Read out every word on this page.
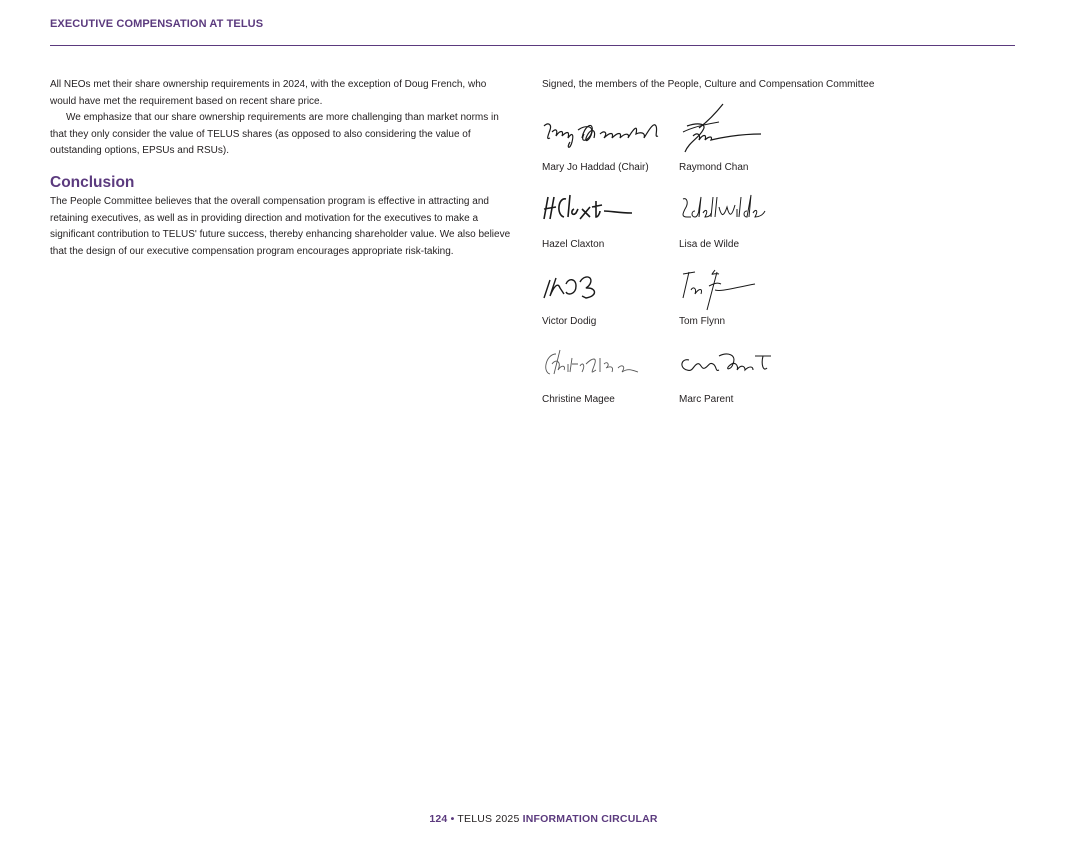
EXECUTIVE COMPENSATION AT TELUS

All NEOs met their share ownership requirements in 2024, with the exception of Doug French, who would have met the requirement based on recent share price.

We emphasize that our share ownership requirements are more challenging than market norms in that they only consider the value of TELUS shares (as opposed to also considering the value of outstanding options, EPSUs and RSUs).

Conclusion

The People Committee believes that the overall compensation program is effective in attracting and retaining executives, as well as in providing direction and motivation for the executives to make a significant contribution to TELUS' future success, thereby enhancing shareholder value. We also believe that the design of our executive compensation program encourages appropriate risk-taking.

Signed, the members of the People, Culture and Compensation Committee
Mary Jo Haddad (Chair)	Raymond Chan
Hazel Claxton	Lisa de Wilde
Victor Dodig	Tom Flynn
Christine Magee	Marc Parent
124 • TELUS 2025 INFORMATION CIRCULAR
